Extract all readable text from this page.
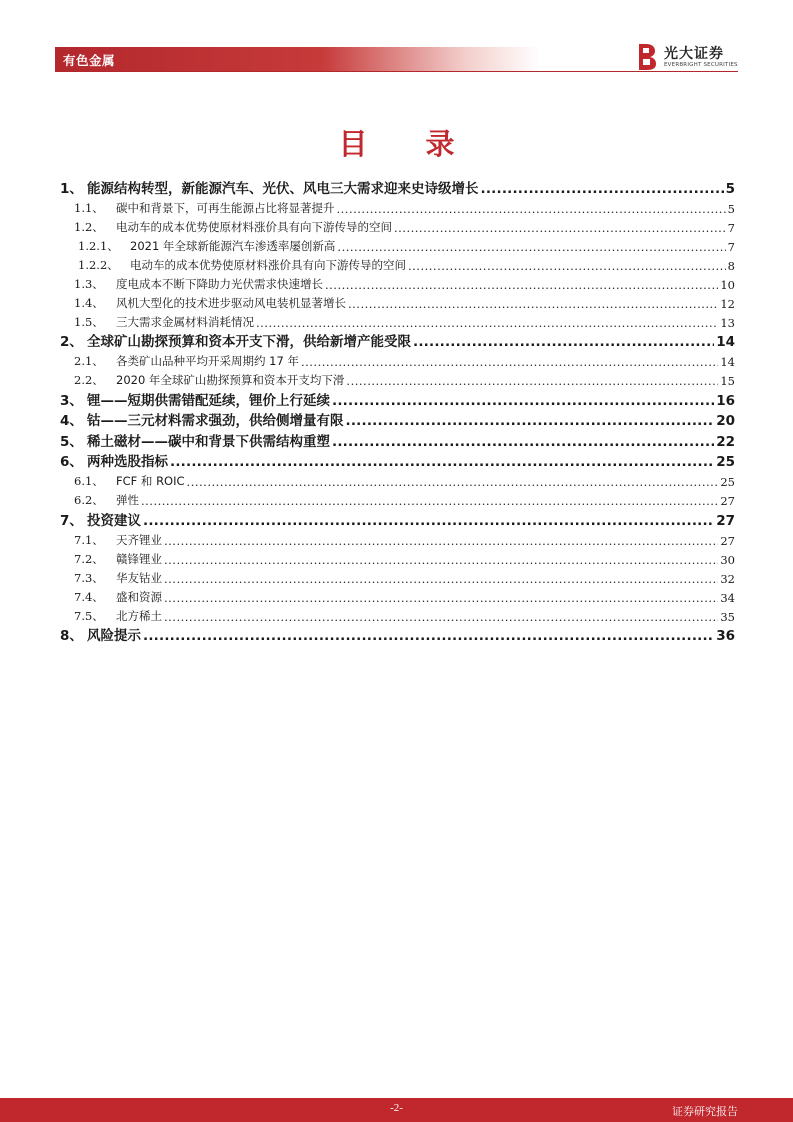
有色金属	光大证券
EVERBRIGHT SECURITIES
目 录
1、 能源结构转型，新能源汽车、光伏、风电三大需求迎来史诗级增长 .....	5
1.1、	碳中和背景下，可再生能源占比将显著提升 .....	5
1.2、	电动车的成本优势使原材料涨价具有向下游传导的空间 .....	7
1.2.1、 2021 年全球新能源汽车渗透率屡创新高 .....	7
1.2.2、 电动车的成本优势使原材料涨价具有向下游传导的空间 .....	8
1.3、	度电成本不断下降助力光伏需求快速增长 .....	10
1.4、	风机大型化的技术进步驱动风电装机显著增长 .....	12
1.5、	三大需求金属材料消耗情况 .....	13
2、 全球矿山勘探预算和资本开支下滑，供给新增产能受限 .....	14
2.1、	各类矿山品种平均开采周期约 17 年 .....	14
2.2、	2020 年全球矿山勘探预算和资本开支均下滑 .....	15
3、 锂——短期供需错配延续，锂价上行延续 .....	16
4、 钴——三元材料需求强劲，供给侧增量有限 .....	20
5、 稀土磁材——碳中和背景下供需结构重塑 .....	22
6、 两种选股指标 .....	25
6.1、	FCF 和 ROIC .....	25
6.2、	弹性 .....	27
7、 投资建议 .....	27
7.1、	天齐锂业 .....	27
7.2、	赣锋锂业 .....	30
7.3、	华友钴业 .....	32
7.4、	盛和资源 .....	34
7.5、	北方稀土 .....	35
8、 风险提示 .....	36
-2-	证券研究报告
